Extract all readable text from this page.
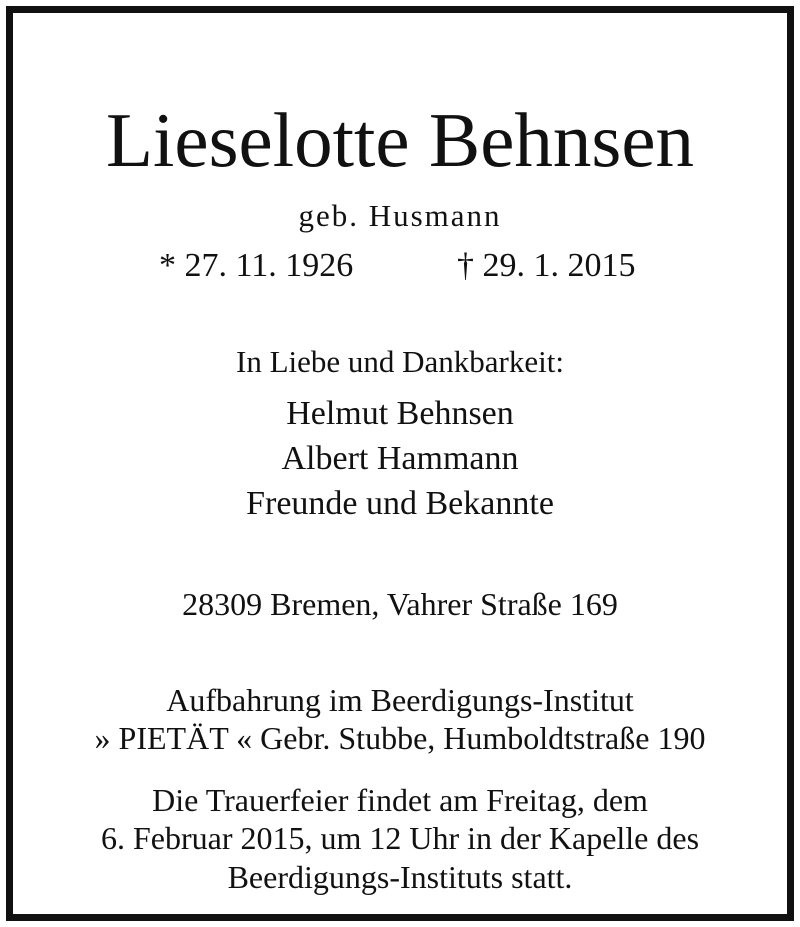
Lieselotte Behnsen
geb. Husmann
* 27. 11. 1926	† 29. 1. 2015
In Liebe und Dankbarkeit:
Helmut Behnsen
Albert Hammann
Freunde und Bekannte
28309 Bremen, Vahrer Straße 169
Aufbahrung im Beerdigungs-Institut
» PIETÄT « Gebr. Stubbe, Humboldtstraße 190
Die Trauerfeier findet am Freitag, dem
6. Februar 2015, um 12 Uhr in der Kapelle des
Beerdigungs-Instituts statt.
